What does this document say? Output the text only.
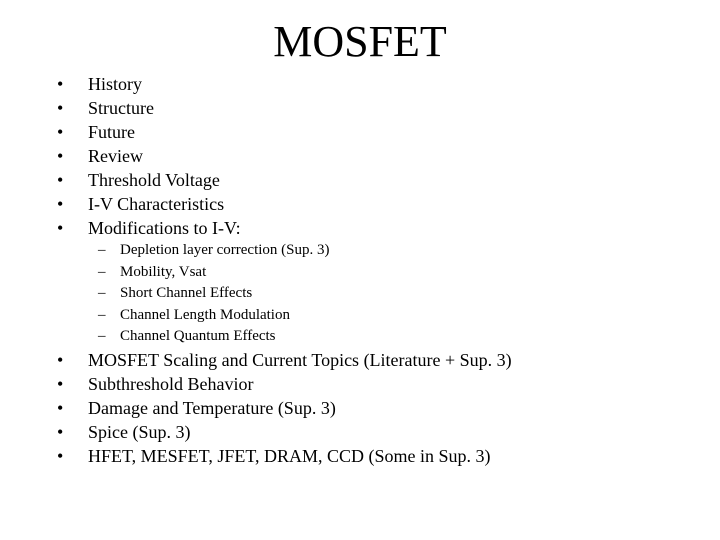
MOSFET
•	History
•	Structure
•	Future
•	Review
•	Threshold Voltage
•	I-V Characteristics
•	Modifications to I-V:
– Depletion layer correction (Sup. 3)
– Mobility, Vsat
– Short Channel Effects
– Channel Length Modulation
– Channel Quantum Effects
•	MOSFET Scaling and Current Topics (Literature + Sup. 3)
•	Subthreshold Behavior
•	Damage and Temperature (Sup. 3)
•	Spice (Sup. 3)
•	HFET, MESFET, JFET, DRAM, CCD (Some in Sup. 3)
